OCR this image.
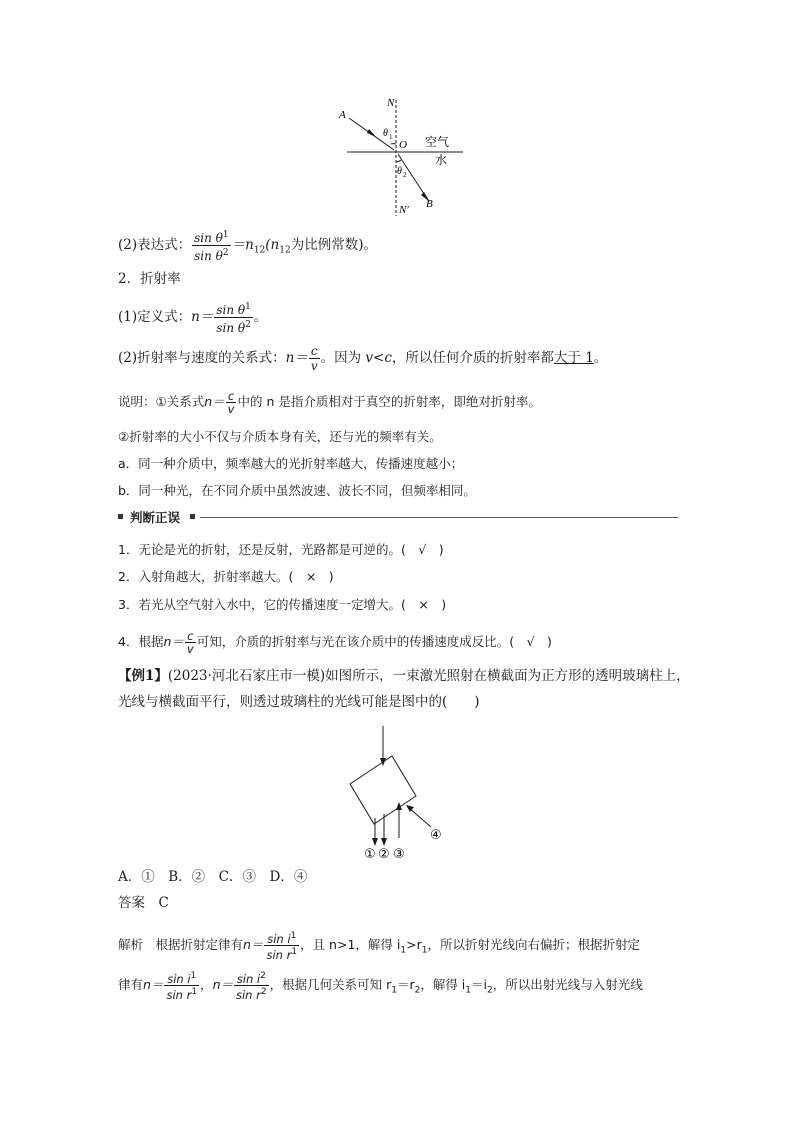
N
A
θ 1
O 空气
水
θ 2
N′ B
(2)表达式： $\frac{\sin \theta^1}{\sin \theta^2} =n_{12}(n_{12}$为比例常数)。
2．折射率
(1)定义式：$n= \frac{\sin \theta^1}{\sin \theta^2}$ 。
(2)折射率与速度的关系式：$n= \frac{c}{v}$ 。因为 v<c，所以任何介质的折射率都大于 1。
说明：①关系式$n= \frac{c}{v}$ 中的 n 是指介质相对于真空的折射率，即绝对折射率。
②折射率的大小不仅与介质本身有关，还与光的频率有关。
a．同一种介质中，频率越大的光折射率越大，传播速度越小；
b．同一种光，在不同介质中虽然波速、波长不同，但频率相同。
判断正误
1．无论是光的折射，还是反射，光路都是可逆的。(　√　)
2．入射角越大，折射率越大。(　×　)
3．若光从空气射入水中，它的传播速度一定增大。(　×　)
4．根据$n= \frac{c}{v}$ 可知，介质的折射率与光在该介质中的传播速度成反比。(　√　)
【例1】(2023·河北石家庄市一模)如图所示，一束激光照射在横截面为正方形的透明玻璃柱上，
光线与横截面平行，则透过玻璃柱的光线可能是图中的(　　)
① ② ③
④
A．①　B．②　C．③　D．④
答案　 C
解析　 根据折射定律有$n= \frac{\sin i^1}{\sin r^1}$ ，且 n>1，解得 $i_1>r_1$，所以折射光线向右偏折；根据折射定
律有$n= \frac{\sin i^1}{\sin r^1}$ ，$n= \frac{\sin i^2}{\sin r^2}$ ，根据几何关系可知 $r_1=r_2$，解得 $i_1=i_2$，所以出射光线与入射光线
